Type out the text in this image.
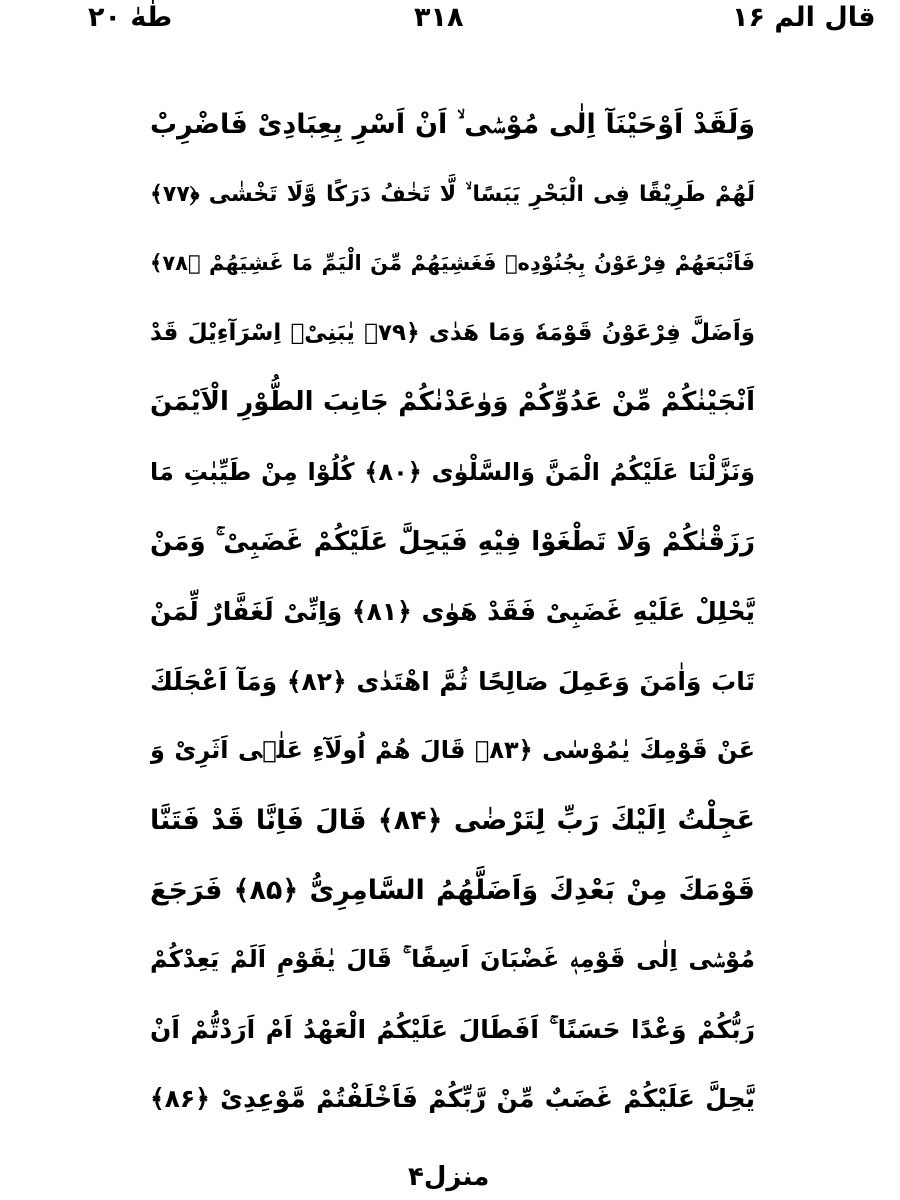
طٰهٰ ۲۰	۳۱۸	قال الم ۱۶
وَلَقَدْ اَوْحَيْنَآ اِلٰى مُوْسٰۤى ۙ اَنْ اَسْرِ بِعِبَادِىْ فَاضْرِبْ
لَهُمْ طَرِيْقًا فِى الْبَحْرِ يَبَسًا ۙ لَّا تَخٰفُ دَرَكًا وَّلَا تَخْشٰى ﴿۷۷﴾
فَاَتْبَعَهُمْ فِرْعَوْنُ بِجُنُوْدِهٖ فَغَشِيَهُمْ مِّنَ الْيَمِّ مَا غَشِيَهُمْ ﴿۷۸﴾
وَاَضَلَّ فِرْعَوْنُ قَوْمَهٗ وَمَا هَدٰى ﴿۷۹﴾ يٰبَنِىْۤ اِسْرَآءِيْلَ قَدْ
اَنْجَيْنٰكُمْ مِّنْ عَدُوِّكُمْ وَوٰعَدْنٰكُمْ جَانِبَ الطُّوْرِ الْاَيْمَنَ
وَنَزَّلْنَا عَلَيْكُمُ الْمَنَّ وَالسَّلْوٰى ﴿۸۰﴾ كُلُوْا مِنْ طَيِّبٰتِ مَا
رَزَقْنٰكُمْ وَلَا تَطْغَوْا فِيْهِ فَيَحِلَّ عَلَيْكُمْ غَضَبِىْ ۚ وَمَنْ
يَّحْلِلْ عَلَيْهِ غَضَبِىْ فَقَدْ هَوٰى ﴿۸۱﴾ وَاِنِّىْ لَغَفَّارٌ لِّمَنْ
تَابَ وَاٰمَنَ وَعَمِلَ صَالِحًا ثُمَّ اهْتَدٰى ﴿۸۲﴾ وَمَآ اَعْجَلَكَ
عَنْ قَوْمِكَ يٰمُوْسٰى ﴿۸۳﴾ قَالَ هُمْ اُولَآءِ عَلٰۤى اَثَرِىْ وَ
عَجِلْتُ اِلَيْكَ رَبِّ لِتَرْضٰى ﴿۸۴﴾ قَالَ فَاِنَّا قَدْ فَتَنَّا
قَوْمَكَ مِنْ بَعْدِكَ وَاَضَلَّهُمُ السَّامِرِىُّ ﴿۸۵﴾ فَرَجَعَ
مُوْسٰۤى اِلٰى قَوْمِهٖ غَضْبَانَ اَسِفًا ۚ قَالَ يٰقَوْمِ اَلَمْ يَعِدْكُمْ
رَبُّكُمْ وَعْدًا حَسَنًا ۚ اَفَطَالَ عَلَيْكُمُ الْعَهْدُ اَمْ اَرَدْتُّمْ اَنْ
يَّحِلَّ عَلَيْكُمْ غَضَبٌ مِّنْ رَّبِّكُمْ فَاَخْلَفْتُمْ مَّوْعِدِىْ ﴿۸۶﴾
منزل۴
